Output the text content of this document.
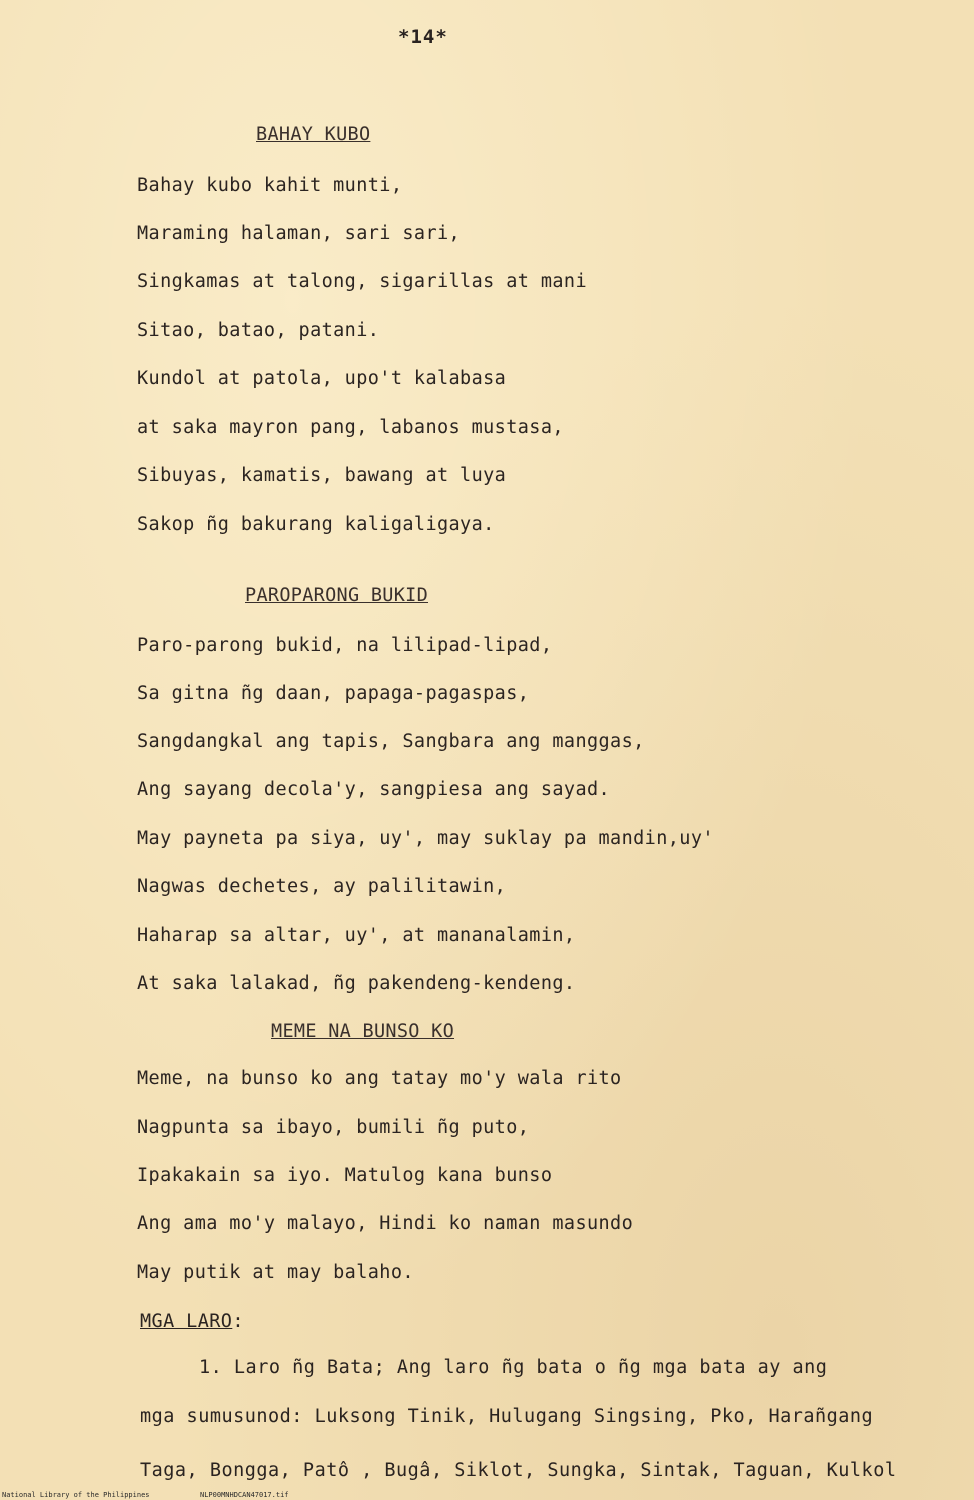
*14*
BAHAY KUBO
Bahay kubo kahit munti,
Maraming halaman, sari sari,
Singkamas at talong, sigarillas at mani
Sitao, batao, patani.
Kundol at patola, upo't kalabasa
at saka mayron pang, labanos mustasa,
Sibuyas, kamatis, bawang at luya
Sakop ñg bakurang kaligaligaya.
PAROPARONG BUKID
Paro-parong bukid, na lilipad-lipad,
Sa gitna ñg daan, papaga-pagaspas,
Sangdangkal ang tapis, Sangbara ang manggas,
Ang sayang decola'y, sangpiesa ang sayad.
May payneta pa siya, uy', may suklay pa mandin,uy'
Nagwas dechetes, ay palilitawin,
Haharap sa altar, uy', at mananalamin,
At saka lalakad, ñg pakendeng-kendeng.
MEME NA BUNSO KO
Meme, na bunso ko ang tatay mo'y wala rito
Nagpunta sa ibayo, bumili ñg puto,
Ipakakain sa iyo. Matulog kana bunso
Ang ama mo'y malayo, Hindi ko naman masundo
May putik at may balaho.
MGA LARO:
1. Laro ñg Bata; Ang laro ñg bata o ñg mga bata ay ang
mga sumusunod: Luksong Tinik, Hulugang Singsing, Pko, Harañgang
Taga, Bongga, Patô , Bugâ, Siklot, Sungka, Sintak, Taguan, Kulkol
National Library of the Philippines	NLP00MNHDCAN47017.tif
